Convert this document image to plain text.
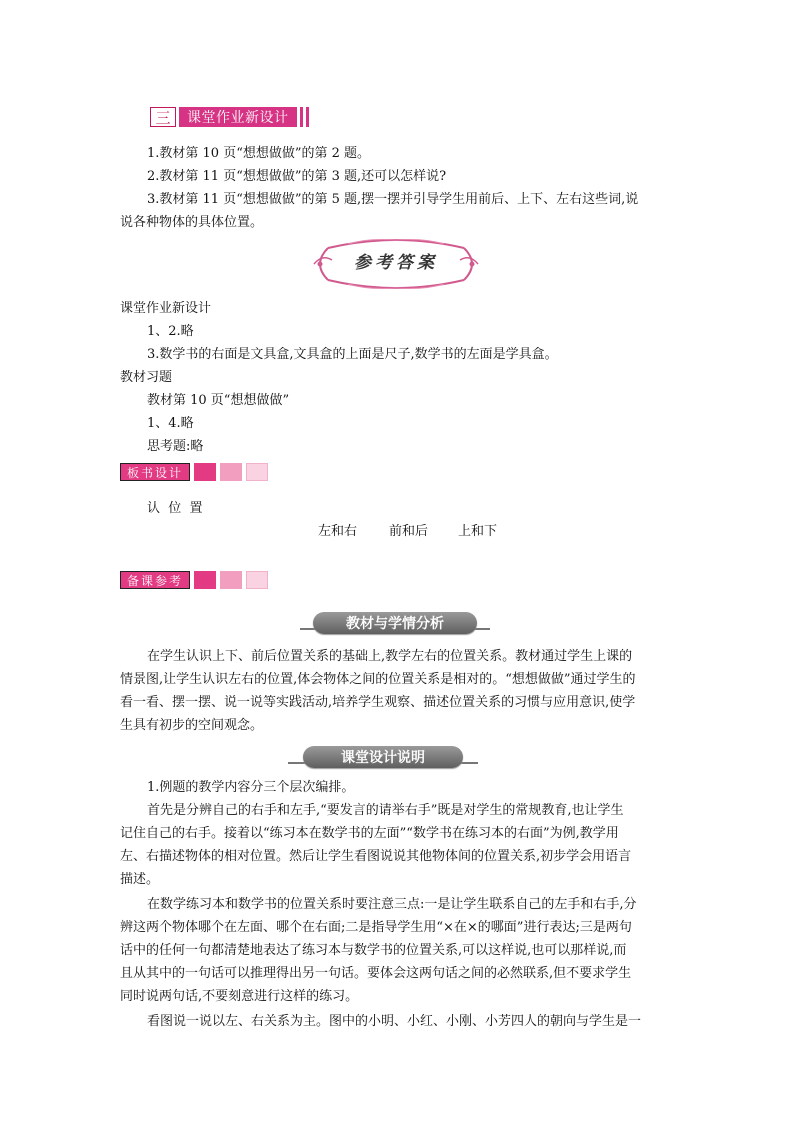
三	课堂作业新设计
1.教材第 10 页“想想做做”的第 2 题。
2.教材第 11 页“想想做做”的第 3 题,还可以怎样说?
3.教材第 11 页“想想做做”的第 5 题,摆一摆并引导学生用前后、上下、左右这些词,说
说各种物体的具体位置。
参考答案
课堂作业新设计
1、2.略
3.数学书的右面是文具盒,文具盒的上面是尺子,数学书的左面是学具盒。
教材习题
教材第 10 页“想想做做”
1、4.略
思考题:略
板书设计
认  位  置
左和右 前和后 上和下
备课参考
教材与学情分析
在学生认识上下、前后位置关系的基础上,教学左右的位置关系。教材通过学生上课的
情景图,让学生认识左右的位置,体会物体之间的位置关系是相对的。“想想做做”通过学生的
看一看、摆一摆、说一说等实践活动,培养学生观察、描述位置关系的习惯与应用意识,使学
生具有初步的空间观念。
课堂设计说明
1.例题的教学内容分三个层次编排。
首先是分辨自己的右手和左手,“要发言的请举右手”既是对学生的常规教育,也让学生
记住自己的右手。接着以“练习本在数学书的左面”“数学书在练习本的右面”为例,教学用
左、右描述物体的相对位置。然后让学生看图说说其他物体间的位置关系,初步学会用语言
描述。
在数学练习本和数学书的位置关系时要注意三点:一是让学生联系自己的左手和右手,分
辨这两个物体哪个在左面、哪个在右面;二是指导学生用“×在×的哪面”进行表达;三是两句
话中的任何一句都清楚地表达了练习本与数学书的位置关系,可以这样说,也可以那样说,而
且从其中的一句话可以推理得出另一句话。要体会这两句话之间的必然联系,但不要求学生
同时说两句话,不要刻意进行这样的练习。
看图说一说以左、右关系为主。图中的小明、小红、小刚、小芳四人的朝向与学生是一
